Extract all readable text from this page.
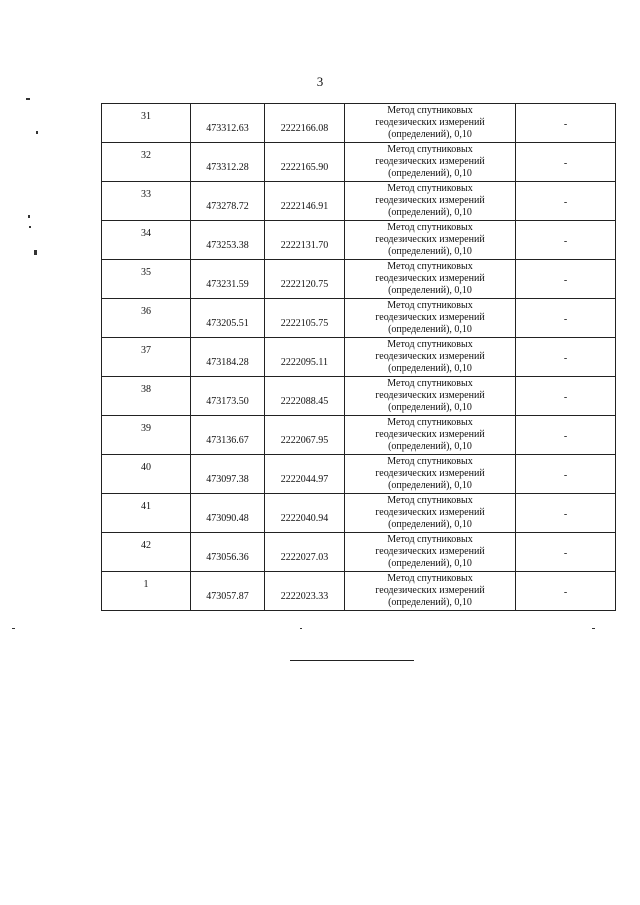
3
31	473312.63	2222166.08	Метод спутниковых
геодезических измерений
(определений), 0,10	-
32	473312.28	2222165.90	Метод спутниковых
геодезических измерений
(определений), 0,10	-
33	473278.72	2222146.91	Метод спутниковых
геодезических измерений
(определений), 0,10	-
34	473253.38	2222131.70	Метод спутниковых
геодезических измерений
(определений), 0,10	-
35	473231.59	2222120.75	Метод спутниковых
геодезических измерений
(определений), 0,10	-
36	473205.51	2222105.75	Метод спутниковых
геодезических измерений
(определений), 0,10	-
37	473184.28	2222095.11	Метод спутниковых
геодезических измерений
(определений), 0,10	-
38	473173.50	2222088.45	Метод спутниковых
геодезических измерений
(определений), 0,10	-
39	473136.67	2222067.95	Метод спутниковых
геодезических измерений
(определений), 0,10	-
40	473097.38	2222044.97	Метод спутниковых
геодезических измерений
(определений), 0,10	-
41	473090.48	2222040.94	Метод спутниковых
геодезических измерений
(определений), 0,10	-
42	473056.36	2222027.03	Метод спутниковых
геодезических измерений
(определений), 0,10	-
1	473057.87	2222023.33	Метод спутниковых
геодезических измерений
(определений), 0,10	-
